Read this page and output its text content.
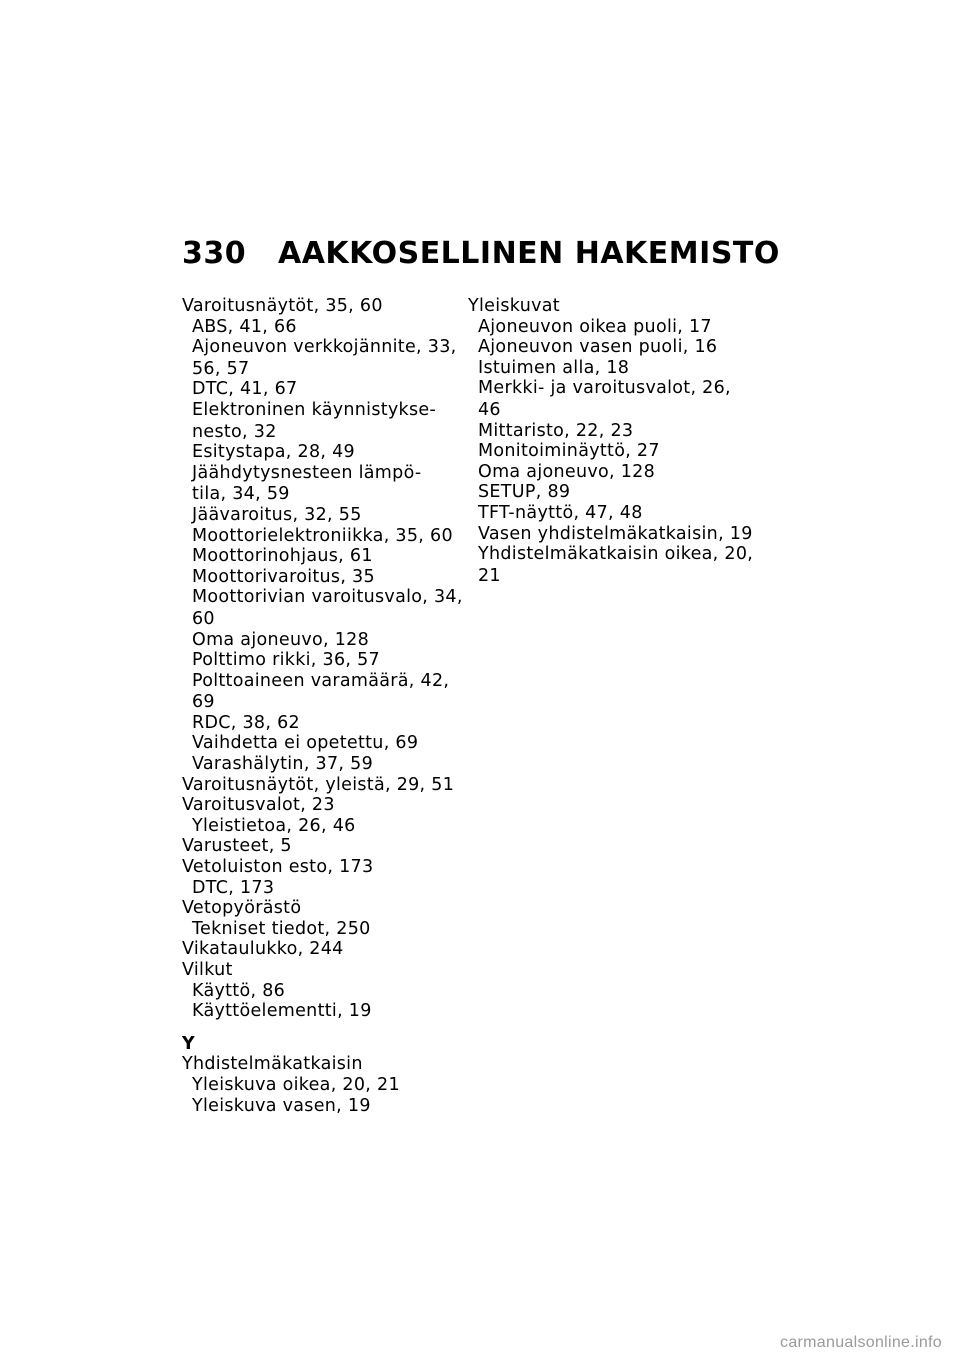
330	AAKKOSELLINEN HAKEMISTO
Varoitusnäytöt, 35, 60
ABS, 41, 66
Ajoneuvon verkkojännite, 33,
56, 57
DTC, 41, 67
Elektroninen käynnistykse-
nesto, 32
Esitystapa, 28, 49
Jäähdytysnesteen lämpö-
tila, 34, 59
Jäävaroitus, 32, 55
Moottorielektroniikka, 35, 60
Moottorinohjaus, 61
Moottorivaroitus, 35
Moottorivian varoitusvalo, 34,
60
Oma ajoneuvo, 128
Polttimo rikki, 36, 57
Polttoaineen varamäärä, 42,
69
RDC, 38, 62
Vaihdetta ei opetettu, 69
Varashälytin, 37, 59
Varoitusnäytöt, yleistä, 29, 51
Varoitusvalot, 23
Yleistietoa, 26, 46
Varusteet, 5
Vetoluiston esto, 173
DTC, 173
Vetopyörästö
Tekniset tiedot, 250
Vikataulukko, 244
Vilkut
Käyttö, 86
Käyttöelementti, 19
Y
Yhdistelmäkatkaisin
Yleiskuva oikea, 20, 21
Yleiskuva vasen, 19
Yleiskuvat
Ajoneuvon oikea puoli, 17
Ajoneuvon vasen puoli, 16
Istuimen alla, 18
Merkki- ja varoitusvalot, 26,
46
Mittaristo, 22, 23
Monitoiminäyttö, 27
Oma ajoneuvo, 128
SETUP, 89
TFT-näyttö, 47, 48
Vasen yhdistelmäkatkaisin, 19
Yhdistelmäkatkaisin oikea, 20,
21
carmanualsonline.info
